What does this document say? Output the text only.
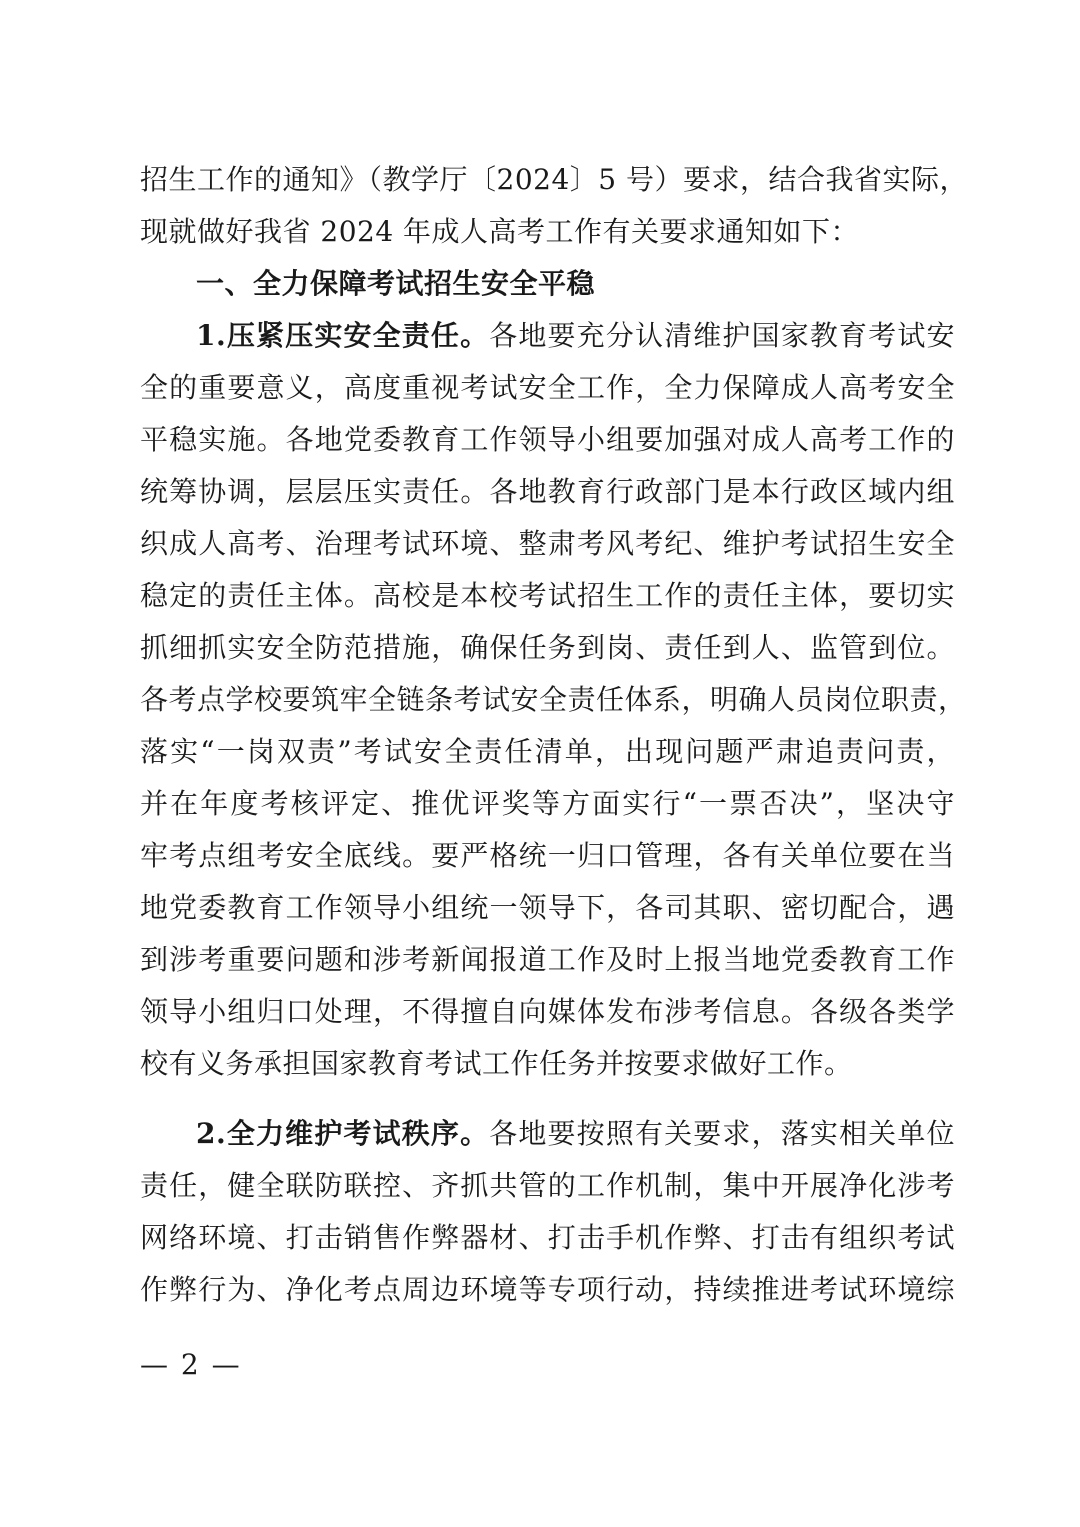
招生工作的通知》（教学厅〔2024〕5 号）要求，结合我省实际，
现就做好我省 2024 年成人高考工作有关要求通知如下：
一、全力保障考试招生安全平稳
1.压紧压实安全责任。各地要充分认清维护国家教育考试安
全的重要意义，高度重视考试安全工作，全力保障成人高考安全
平稳实施。各地党委教育工作领导小组要加强对成人高考工作的
统筹协调，层层压实责任。各地教育行政部门是本行政区域内组
织成人高考、治理考试环境、整肃考风考纪、维护考试招生安全
稳定的责任主体。高校是本校考试招生工作的责任主体，要切实
抓细抓实安全防范措施，确保任务到岗、责任到人、监管到位。
各考点学校要筑牢全链条考试安全责任体系，明确人员岗位职责，
落实“一岗双责”考试安全责任清单，出现问题严肃追责问责，
并在年度考核评定、推优评奖等方面实行“一票否决”，坚决守
牢考点组考安全底线。要严格统一归口管理，各有关单位要在当
地党委教育工作领导小组统一领导下，各司其职、密切配合，遇
到涉考重要问题和涉考新闻报道工作及时上报当地党委教育工作
领导小组归口处理，不得擅自向媒体发布涉考信息。各级各类学
校有义务承担国家教育考试工作任务并按要求做好工作。
2.全力维护考试秩序。各地要按照有关要求，落实相关单位
责任，健全联防联控、齐抓共管的工作机制，集中开展净化涉考
网络环境、打击销售作弊器材、打击手机作弊、打击有组织考试
作弊行为、净化考点周边环境等专项行动，持续推进考试环境综
— 2 —
